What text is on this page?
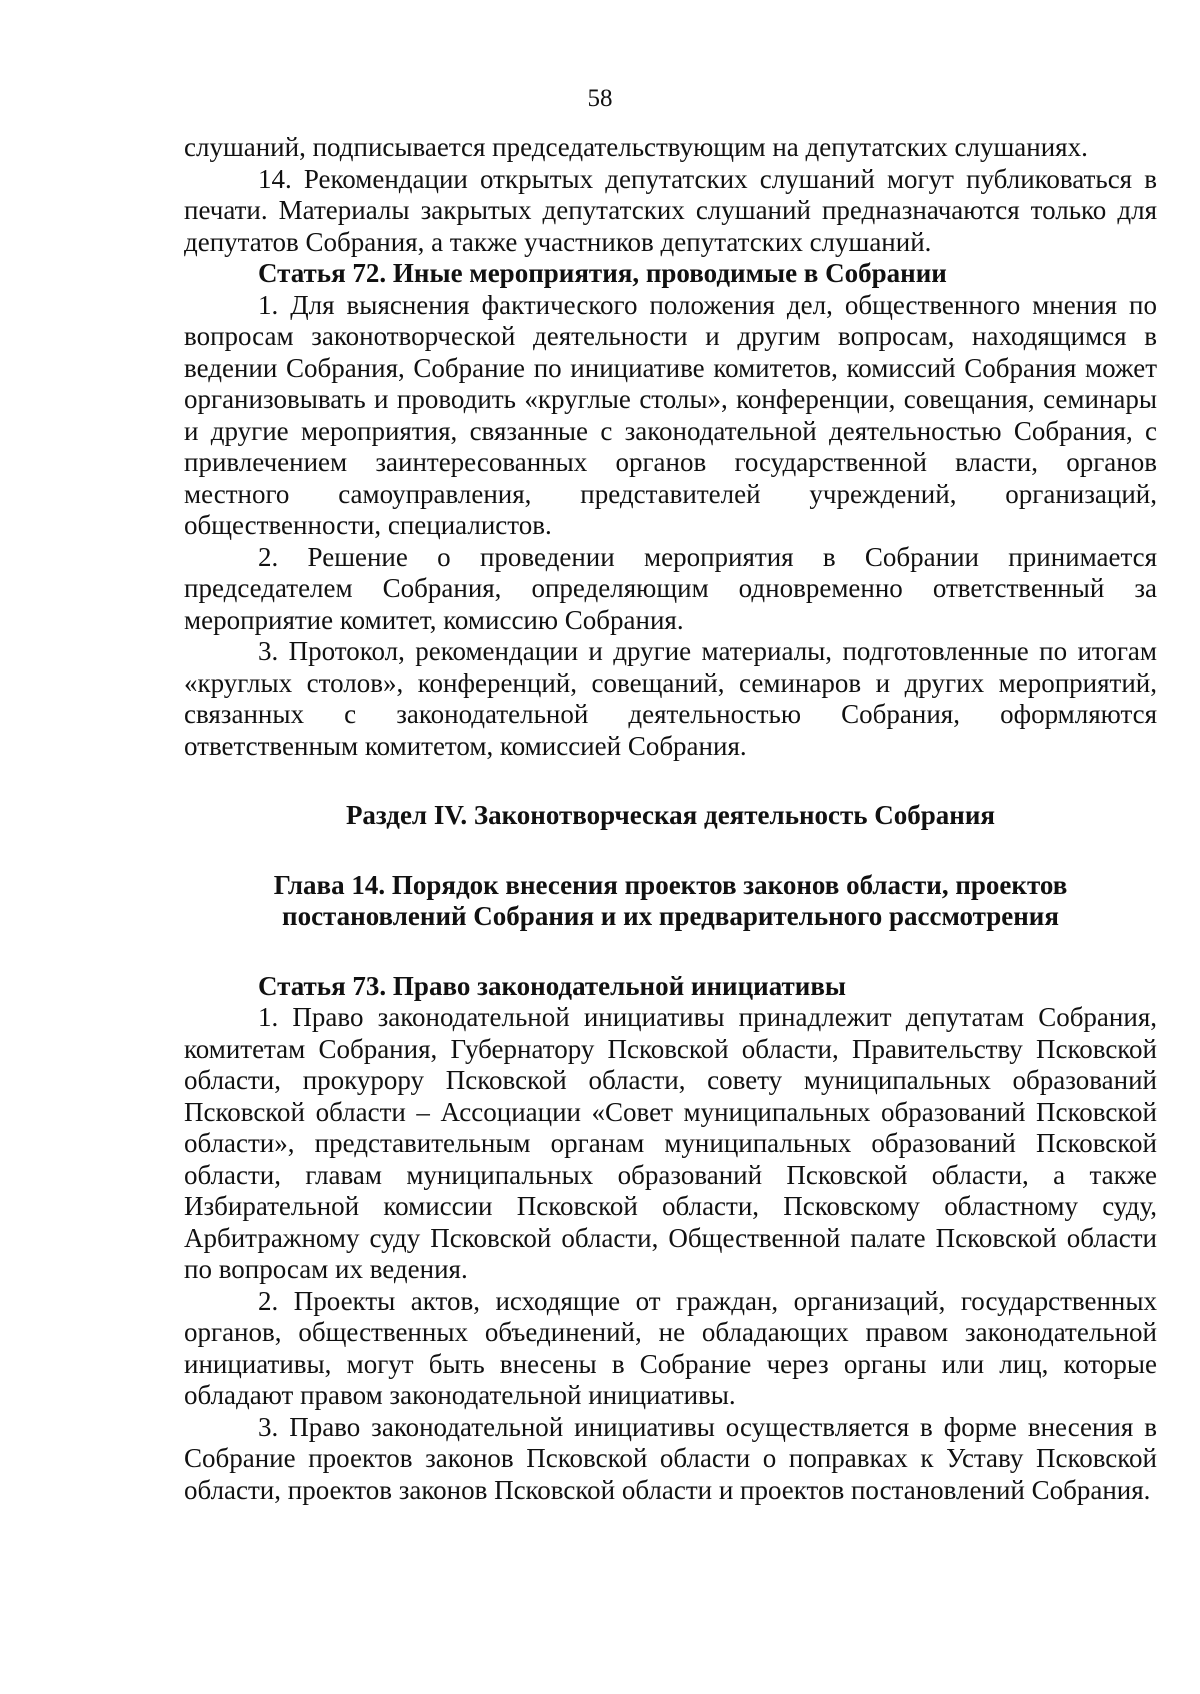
58

слушаний, подписывается председательствующим на депутатских слушаниях.

14. Рекомендации открытых депутатских слушаний могут публиковаться в печати. Материалы закрытых депутатских слушаний предназначаются только для депутатов Собрания, а также участников депутатских слушаний.

Статья 72. Иные мероприятия, проводимые в Собрании

1. Для выяснения фактического положения дел, общественного мнения по вопросам законотворческой деятельности и другим вопросам, находящимся в ведении Собрания, Собрание по инициативе комитетов, комиссий Собрания может организовывать и проводить «круглые столы», конференции, совещания, семинары и другие мероприятия, связанные с законодательной деятельностью Собрания, с привлечением заинтересованных органов государственной власти, органов местного самоуправления, представителей учреждений, организаций, общественности, специалистов.

2. Решение о проведении мероприятия в Собрании принимается председателем Собрания, определяющим одновременно ответственный за мероприятие комитет, комиссию Собрания.

3. Протокол, рекомендации и другие материалы, подготовленные по итогам «круглых столов», конференций, совещаний, семинаров и других мероприятий, связанных с законодательной деятельностью Собрания, оформляются ответственным комитетом, комиссией Собрания.

Раздел IV. Законотворческая деятельность Собрания

Глава 14. Порядок внесения проектов законов области, проектов

постановлений Собрания и их предварительного рассмотрения

Статья 73. Право законодательной инициативы

1. Право законодательной инициативы принадлежит депутатам Собрания, комитетам Собрания, Губернатору Псковской области, Правительству Псковской области, прокурору Псковской области, совету муниципальных образований Псковской области – Ассоциации «Совет муниципальных образований Псковской области», представительным органам муниципальных образований Псковской области, главам муниципальных образований Псковской области, а также Избирательной комиссии Псковской области, Псковскому областному суду, Арбитражному суду Псковской области, Общественной палате Псковской области по вопросам их ведения.

2. Проекты актов, исходящие от граждан, организаций, государственных органов, общественных объединений, не обладающих правом законодательной инициативы, могут быть внесены в Собрание через органы или лиц, которые обладают правом законодательной инициативы.

3. Право законодательной инициативы осуществляется в форме внесения в Собрание проектов законов Псковской области о поправках к Уставу Псковской области, проектов законов Псковской области и проектов постановлений Собрания.
